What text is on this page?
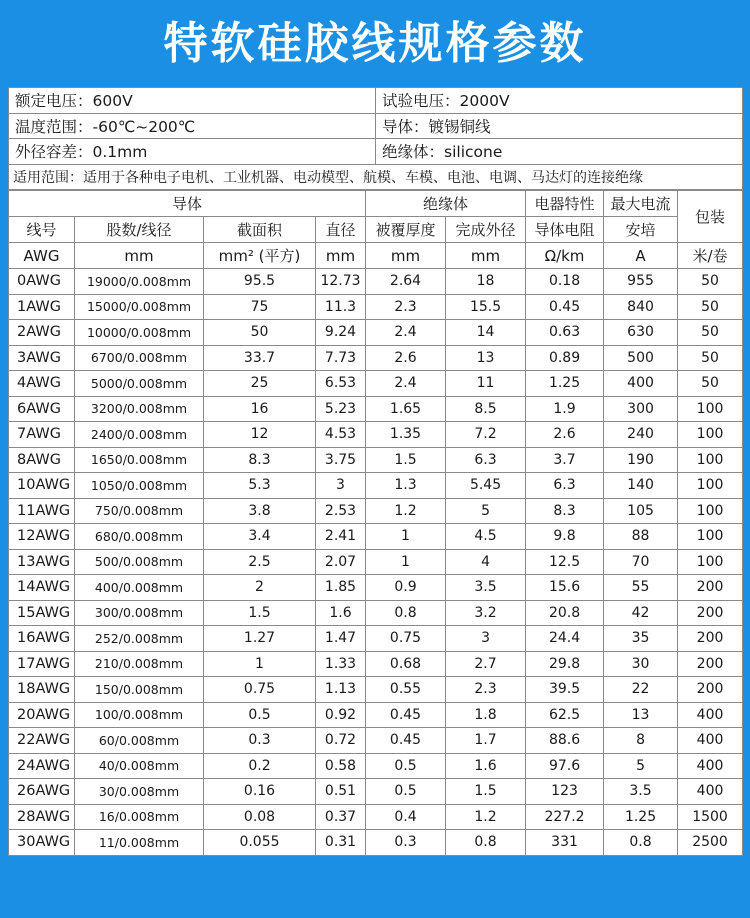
特软硅胶线规格参数
额定电压：600V	试验电压：2000V
温度范围：-60℃~200℃	导体：镀锡铜线
外径容差：0.1mm	绝缘体：silicone
适用范围：适用于各种电子电机、工业机器、电动模型、航模、车模、电池、电调、马达灯的连接绝缘	
导体				绝缘体		电器特性	最大电流	包装
线号	股数/线径	截面积	直径	被覆厚度	完成外径	导体电阻	安培	
AWG	mm	mm² (平方)	mm	mm	mm	Ω/km	A	米/卷
0AWG	19000/0.008mm	95.5	12.73	2.64	18	0.18	955	50
1AWG	15000/0.008mm	75	11.3	2.3	15.5	0.45	840	50
2AWG	10000/0.008mm	50	9.24	2.4	14	0.63	630	50
3AWG	6700/0.008mm	33.7	7.73	2.6	13	0.89	500	50
4AWG	5000/0.008mm	25	6.53	2.4	11	1.25	400	50
6AWG	3200/0.008mm	16	5.23	1.65	8.5	1.9	300	100
7AWG	2400/0.008mm	12	4.53	1.35	7.2	2.6	240	100
8AWG	1650/0.008mm	8.3	3.75	1.5	6.3	3.7	190	100
10AWG	1050/0.008mm	5.3	3	1.3	5.45	6.3	140	100
11AWG	750/0.008mm	3.8	2.53	1.2	5	8.3	105	100
12AWG	680/0.008mm	3.4	2.41	1	4.5	9.8	88	100
13AWG	500/0.008mm	2.5	2.07	1	4	12.5	70	100
14AWG	400/0.008mm	2	1.85	0.9	3.5	15.6	55	200
15AWG	300/0.008mm	1.5	1.6	0.8	3.2	20.8	42	200
16AWG	252/0.008mm	1.27	1.47	0.75	3	24.4	35	200
17AWG	210/0.008mm	1	1.33	0.68	2.7	29.8	30	200
18AWG	150/0.008mm	0.75	1.13	0.55	2.3	39.5	22	200
20AWG	100/0.008mm	0.5	0.92	0.45	1.8	62.5	13	400
22AWG	60/0.008mm	0.3	0.72	0.45	1.7	88.6	8	400
24AWG	40/0.008mm	0.2	0.58	0.5	1.6	97.6	5	400
26AWG	30/0.008mm	0.16	0.51	0.5	1.5	123	3.5	400
28AWG	16/0.008mm	0.08	0.37	0.4	1.2	227.2	1.25	1500
30AWG	11/0.008mm	0.055	0.31	0.3	0.8	331	0.8	2500
